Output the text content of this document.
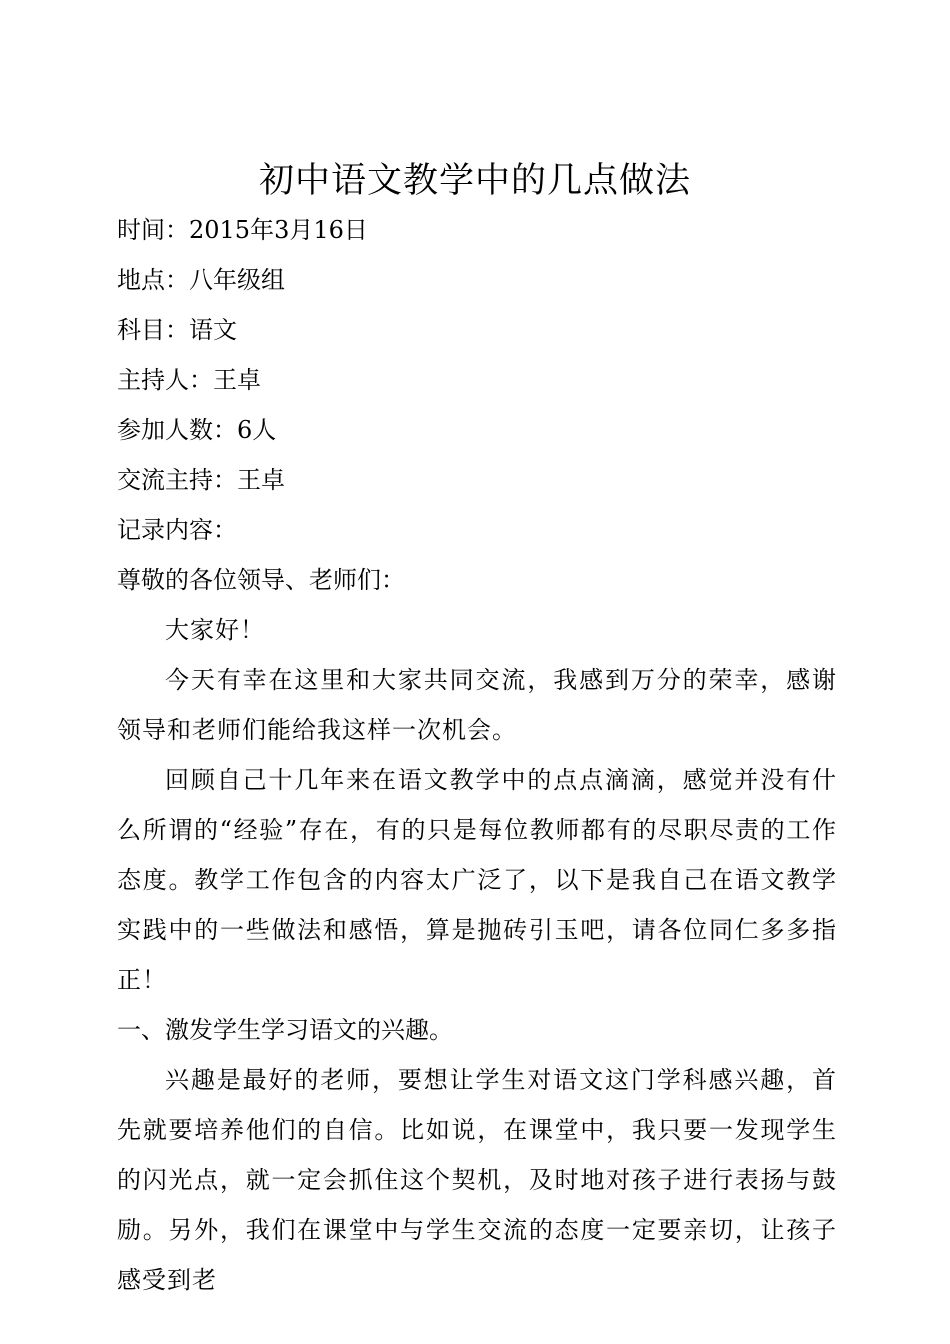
初中语文教学中的几点做法

时间：2015年3月16日

地点：八年级组

科目：语文

主持人：王卓

参加人数：6人

交流主持：王卓

记录内容：

尊敬的各位领导、老师们：

大家好！

今天有幸在这里和大家共同交流，我感到万分的荣幸，感谢领导和老师们能给我这样一次机会。

回顾自己十几年来在语文教学中的点点滴滴，感觉并没有什么所谓的“经验”存在，有的只是每位教师都有的尽职尽责的工作态度。教学工作包含的内容太广泛了，以下是我自己在语文教学实践中的一些做法和感悟，算是抛砖引玉吧，请各位同仁多多指正！

一、激发学生学习语文的兴趣。

兴趣是最好的老师，要想让学生对语文这门学科感兴趣，首先就要培养他们的自信。比如说，在课堂中，我只要一发现学生的闪光点，就一定会抓住这个契机，及时地对孩子进行表扬与鼓励。另外，我们在课堂中与学生交流的态度一定要亲切，让孩子感受到老
